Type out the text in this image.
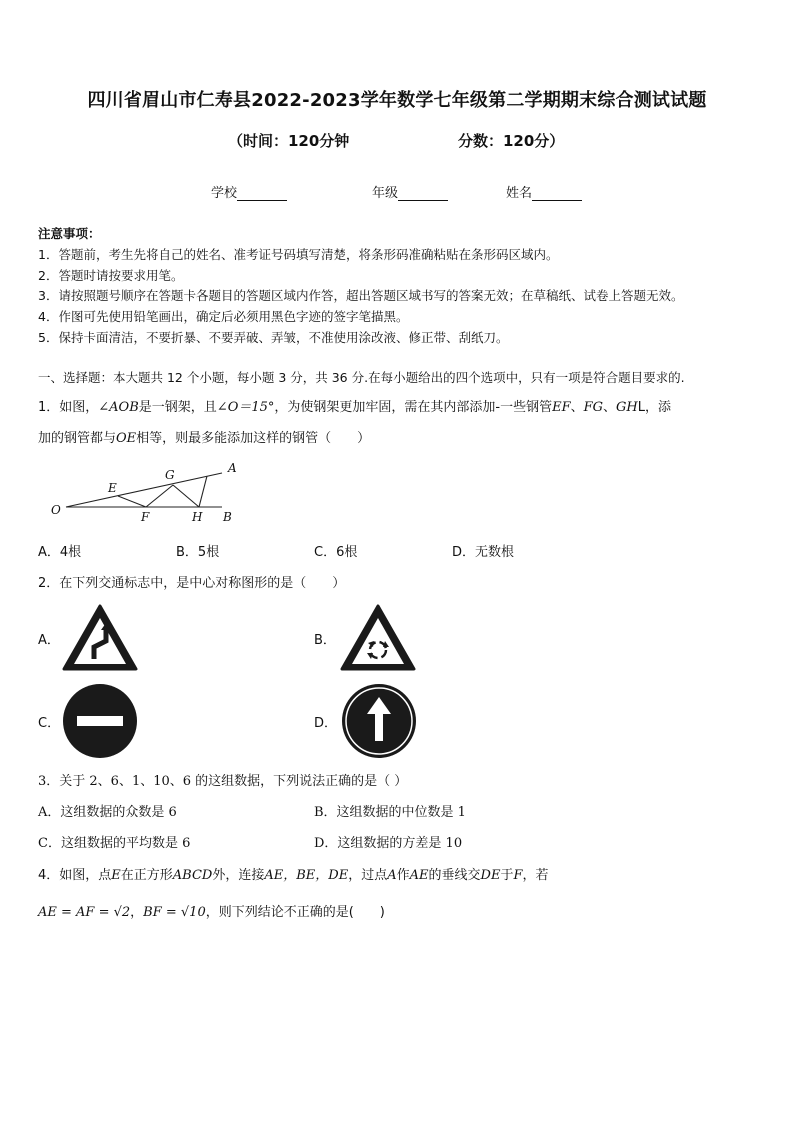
四川省眉山市仁寿县2022-2023学年数学七年级第二学期期末综合测试试题
（时间：120分钟	分数：120分）
学校	年级	姓名
注意事项：
1．答题前，考生先将自己的姓名、准考证号码填写清楚，将条形码准确粘贴在条形码区域内。
2．答题时请按要求用笔。
3．请按照题号顺序在答题卡各题目的答题区域内作答，超出答题区域书写的答案无效；在草稿纸、试卷上答题无效。
4．作图可先使用铅笔画出，确定后必须用黑色字迹的签字笔描黑。
5．保持卡面清洁，不要折暴、不要弄破、弄皱，不准使用涂改液、修正带、刮纸刀。
一、选择题：本大题共 12 个小题，每小题 3 分，共 36 分.在每小题给出的四个选项中，只有一项是符合题目要求的.
1．如图，∠AOB是一钢架，且∠O＝15°，为使钢架更加牢固，需在其内部添加-一些钢管EF、FG、GHL，添
加的钢管都与OE相等，则最多能添加这样的钢管（　　）
O
E
G	A
F	H B
A．4根	B．5根	C．6根	D．无数根
2．在下列交通标志中，是中心对称图形的是（　　）
A．	B．
C．	D．
3．关于 2、6、1、10、6 的这组数据，下列说法正确的是（ ）
A．这组数据的众数是 6	B．这组数据的中位数是 1
C．这组数据的平均数是 6	D．这组数据的方差是 10
4．如图，点E在正方形ABCD外，连接AE，BE，DE，过点A作AE的垂线交DE于F，若
AE = AF = √2，BF = √10，则下列结论不正确的是(　　)
